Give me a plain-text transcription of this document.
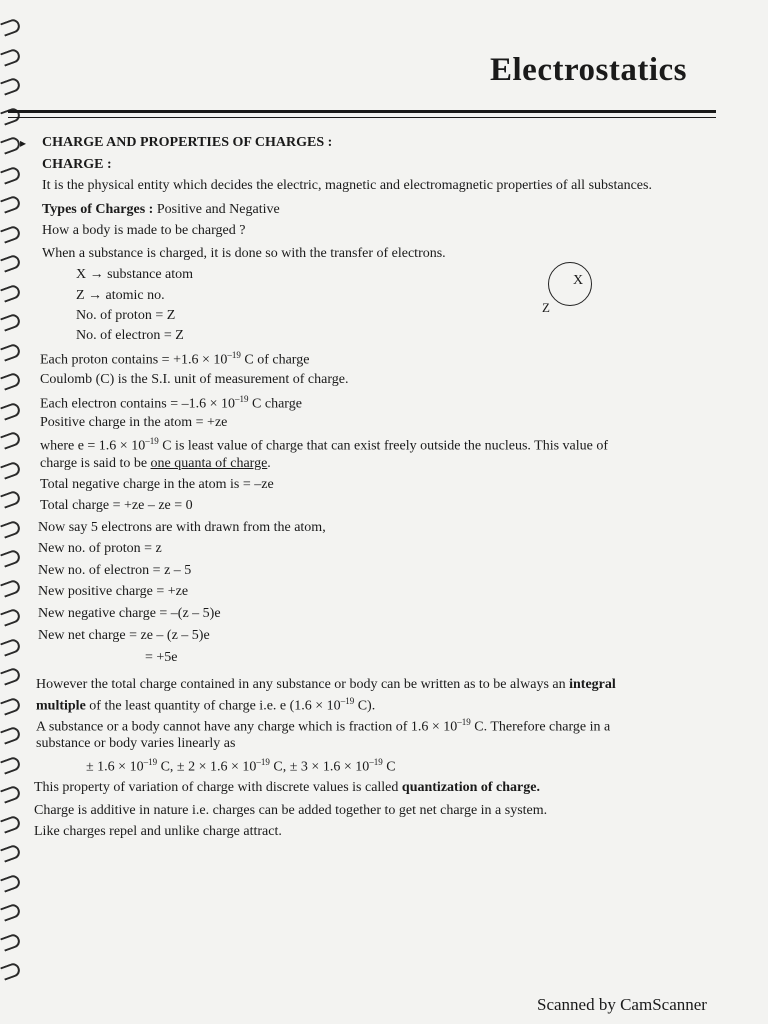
Electrostatics
▸ CHARGE AND PROPERTIES OF CHARGES :
CHARGE :
It is the physical entity which decides the electric, magnetic and electromagnetic properties of all substances.
Types of Charges : Positive and Negative
How a body is made to be charged ?
When a substance is charged, it is done so with the transfer of electrons.
X → substance atom
Z → atomic no.
No. of proton = Z
No. of electron = Z
Each proton contains = $+1.6 \times 10^{-19}$ C of charge
Coulomb (C) is the S.I. unit of measurement of charge.
Each electron contains = $-1.6 \times 10^{-19}$ C charge
Positive charge in the atom = +ze
where $e = 1.6 \times 10^{-19}$ C is least value of charge that can exist freely outside the nucleus. This value of
charge is said to be one quanta of charge.
Total negative charge in the atom is = –ze
Total charge = +ze – ze = 0
Now say 5 electrons are with drawn from the atom,
New no. of proton = z
New no. of electron = z – 5
New positive charge = +ze
New negative charge = –(z – 5)e
New net charge = ze – (z – 5)e
= +5e
However the total charge contained in any substance or body can be written as to be always an integral
multiple of the least quantity of charge i.e. e ($1.6 \times 10^{-19}$ C).
A substance or a body cannot have any charge which is fraction of $1.6 \times 10^{-19}$ C. Therefore charge in a
substance or body varies linearly as
± $1.6 \times 10^{-19}$ C, ± $2 \times 1.6 \times 10^{-19}$ C, ± $3 \times 1.6 \times 10^{-19}$ C
This property of variation of charge with discrete values is called quantization of charge.
Charge is additive in nature i.e. charges can be added together to get net charge in a system.
Like charges repel and unlike charge attract.
X
Z
Scanned by CamScanner
